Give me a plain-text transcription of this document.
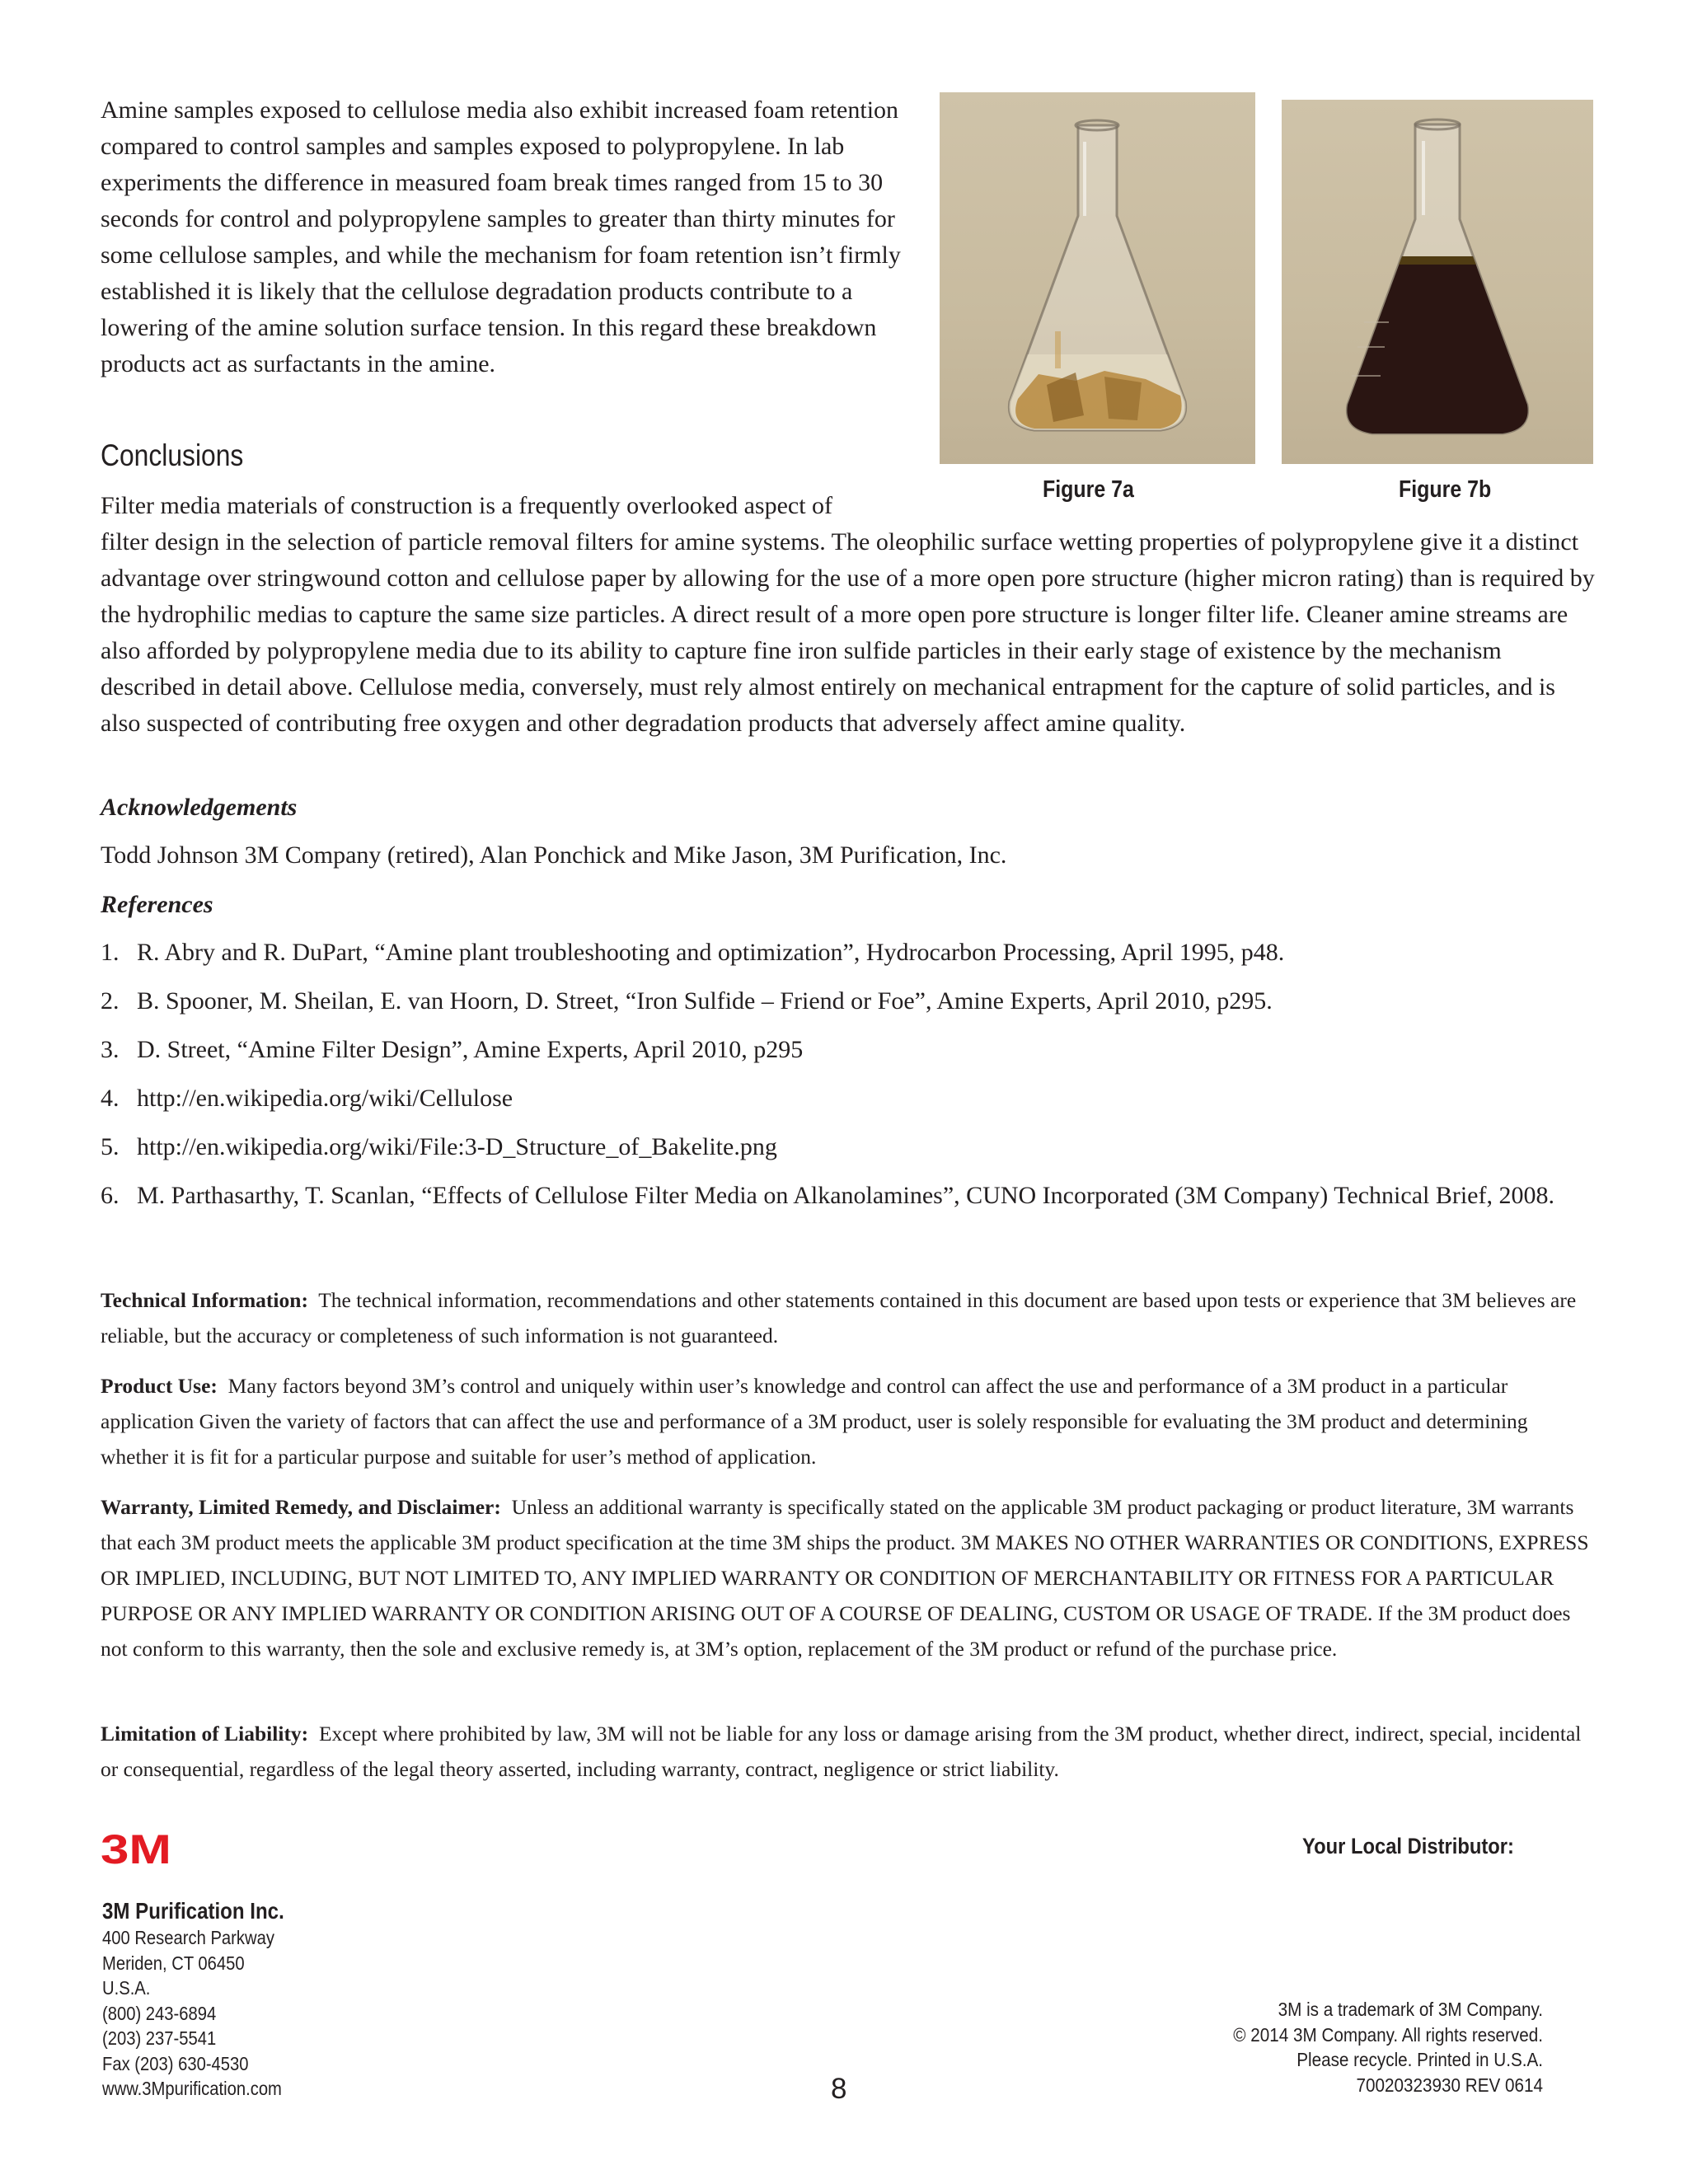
Amine samples exposed to cellulose media also exhibit increased foam retention compared to control samples and samples exposed to polypropylene. In lab experiments the difference in measured foam break times ranged from 15 to 30 seconds for control and polypropylene samples to greater than thirty minutes for some cellulose samples, and while the mechanism for foam retention isn’t firmly established it is likely that the cellulose degradation products contribute to a lowering of the amine solution surface tension. In this regard these breakdown products act as surfactants in the amine.

Figure 7a	Figure 7b
Conclusions

Filter media materials of construction is a frequently overlooked aspect of

filter design in the selection of particle removal filters for amine systems. The oleophilic surface wetting properties of polypropylene give it a distinct advantage over stringwound cotton and cellulose paper by allowing for the use of a more open pore structure (higher micron rating) than is required by the hydrophilic medias to capture the same size particles. A direct result of a more open pore structure is longer filter life. Cleaner amine streams are also afforded by polypropylene media due to its ability to capture fine iron sulfide particles in their early stage of existence by the mechanism described in detail above. Cellulose media, conversely, must rely almost entirely on mechanical entrapment for the capture of solid particles, and is also suspected of contributing free oxygen and other degradation products that adversely affect amine quality.

Acknowledgements

Todd Johnson 3M Company (retired), Alan Ponchick and Mike Jason, 3M Purification, Inc.

References
1. R. Abry and R. DuPart, “Amine plant troubleshooting and optimization”, Hydrocarbon Processing, April 1995, p48.
2. B. Spooner, M. Sheilan, E. van Hoorn, D. Street, “Iron Sulfide – Friend or Foe”, Amine Experts, April 2010, p295.
3. D. Street, “Amine Filter Design”, Amine Experts, April 2010, p295
4. http://en.wikipedia.org/wiki/Cellulose
5. http://en.wikipedia.org/wiki/File:3-D_Structure_of_Bakelite.png
6. M. Parthasarthy, T. Scanlan, “Effects of Cellulose Filter Media on Alkanolamines”, CUNO Incorporated (3M Company) Technical Brief, 2008.

Technical Information: The technical information, recommendations and other statements contained in this document are based upon tests or experience that 3M believes are reliable, but the accuracy or completeness of such information is not guaranteed.

Product Use: Many factors beyond 3M’s control and uniquely within user’s knowledge and control can affect the use and performance of a 3M product in a particular application Given the variety of factors that can affect the use and performance of a 3M product, user is solely responsible for evaluating the 3M product and determining whether it is fit for a particular purpose and suitable for user’s method of application.

Warranty, Limited Remedy, and Disclaimer: Unless an additional warranty is specifically stated on the applicable 3M product packaging or product literature, 3M warrants that each 3M product meets the applicable 3M product specification at the time 3M ships the product. 3M MAKES NO OTHER WARRANTIES OR CONDITIONS, EXPRESS OR IMPLIED, INCLUDING, BUT NOT LIMITED TO, ANY IMPLIED WARRANTY OR CONDITION OF MERCHANTABILITY OR FITNESS FOR A PARTICULAR PURPOSE OR ANY IMPLIED WARRANTY OR CONDITION ARISING OUT OF A COURSE OF DEALING, CUSTOM OR USAGE OF TRADE. If the 3M product does not conform to this warranty, then the sole and exclusive remedy is, at 3M’s option, replacement of the 3M product or refund of the purchase price.

Limitation of Liability: Except where prohibited by law, 3M will not be liable for any loss or damage arising from the 3M product, whether direct, indirect, special, incidental or consequential, regardless of the legal theory asserted, including warranty, contract, negligence or strict liability.

3M	Your Local Distributor:

3M Purification Inc.

400 Research Parkway
Meriden, CT 06450
U.S.A.
(800) 243-6894
(203) 237-5541
Fax (203) 630-4530
www.3Mpurification.com
3M is a trademark of 3M Company.
© 2014 3M Company. All rights reserved.
Please recycle. Printed in U.S.A.
70020323930 REV 0614
8
